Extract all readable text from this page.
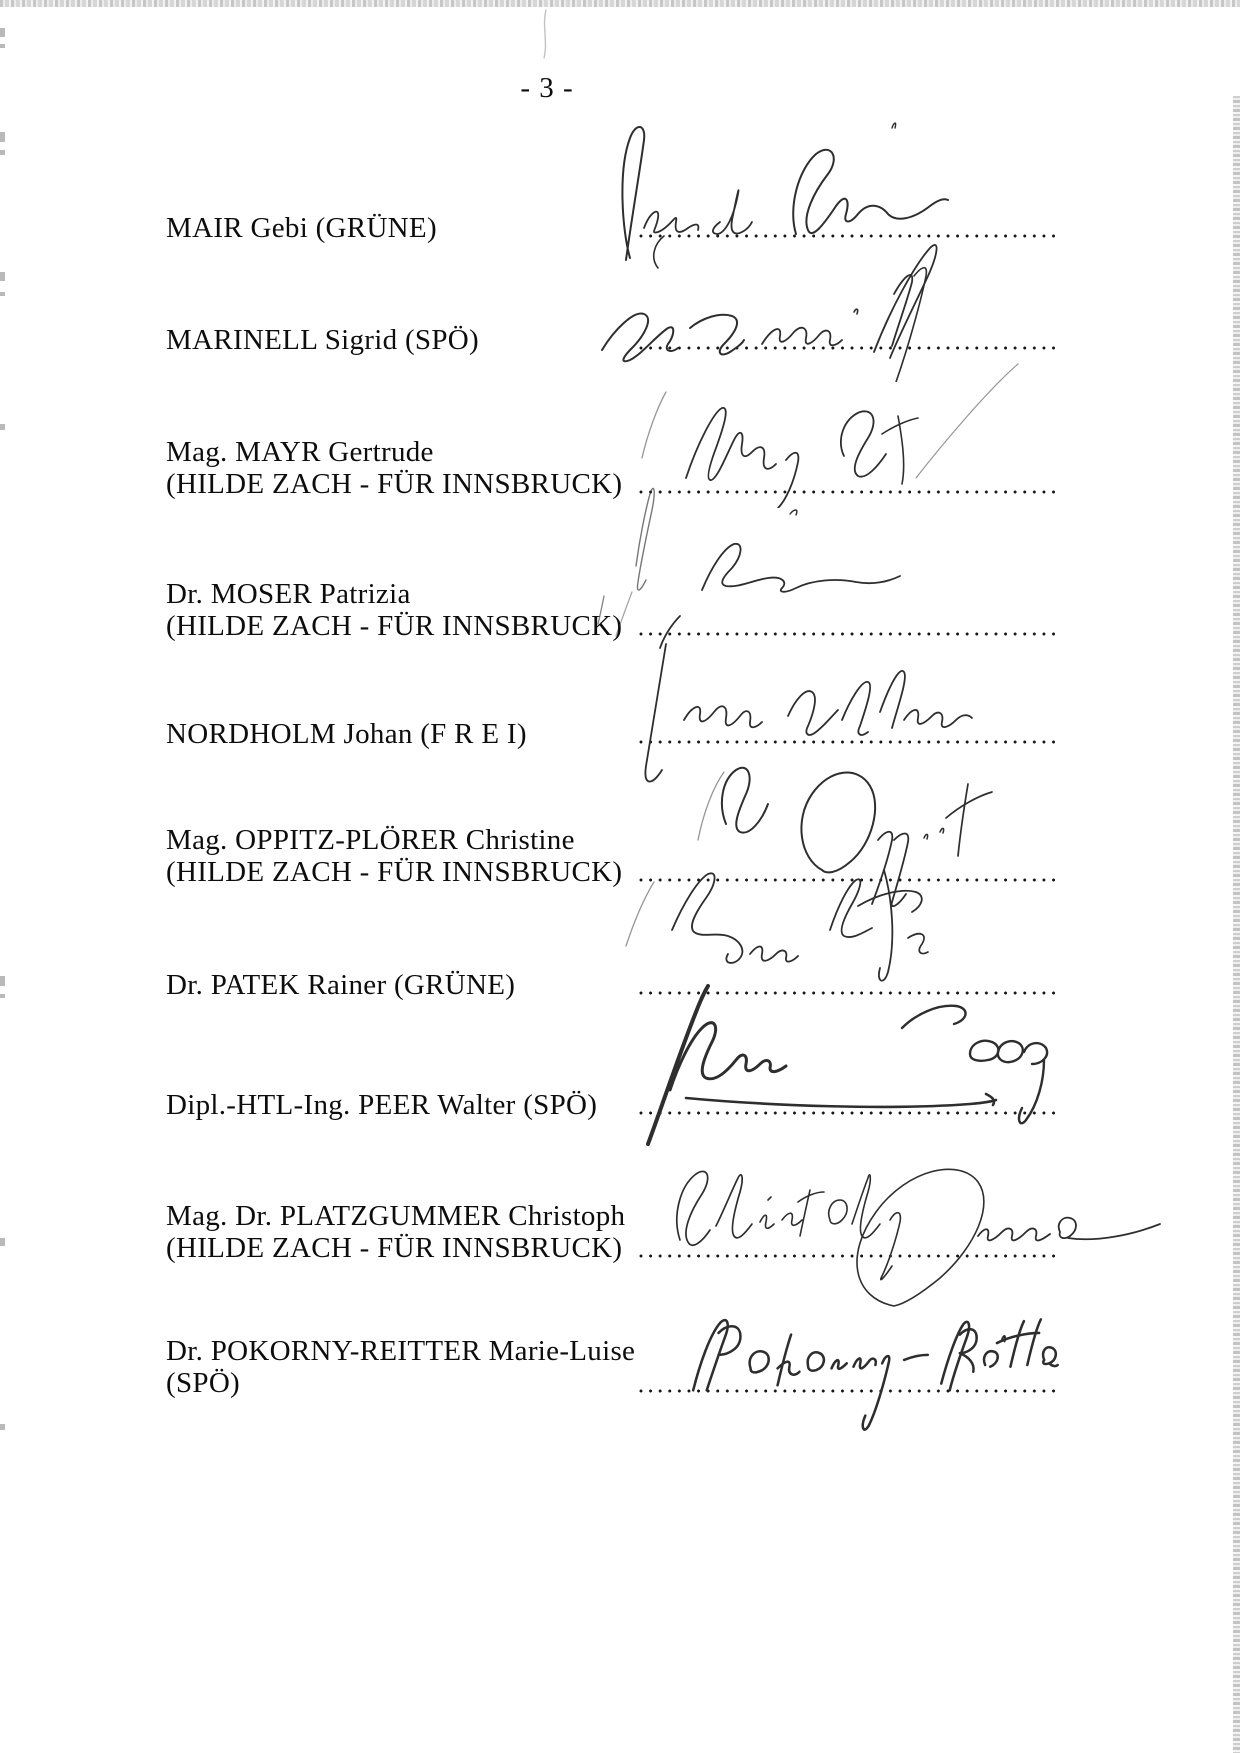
- 3 -
MAIR Gebi (GRÜNE)
MARINELL Sigrid (SPÖ)
Mag. MAYR Gertrude
(HILDE ZACH - FÜR INNSBRUCK)
Dr. MOSER Patrizia
(HILDE ZACH - FÜR INNSBRUCK)
NORDHOLM Johan (F R E I)
Mag. OPPITZ-PLÖRER Christine
(HILDE ZACH - FÜR INNSBRUCK)
Dr. PATEK Rainer (GRÜNE)
Dipl.-HTL-Ing. PEER Walter (SPÖ)
Mag. Dr. PLATZGUMMER Christoph
(HILDE ZACH - FÜR INNSBRUCK)
Dr. POKORNY-REITTER Marie-Luise
(SPÖ)
